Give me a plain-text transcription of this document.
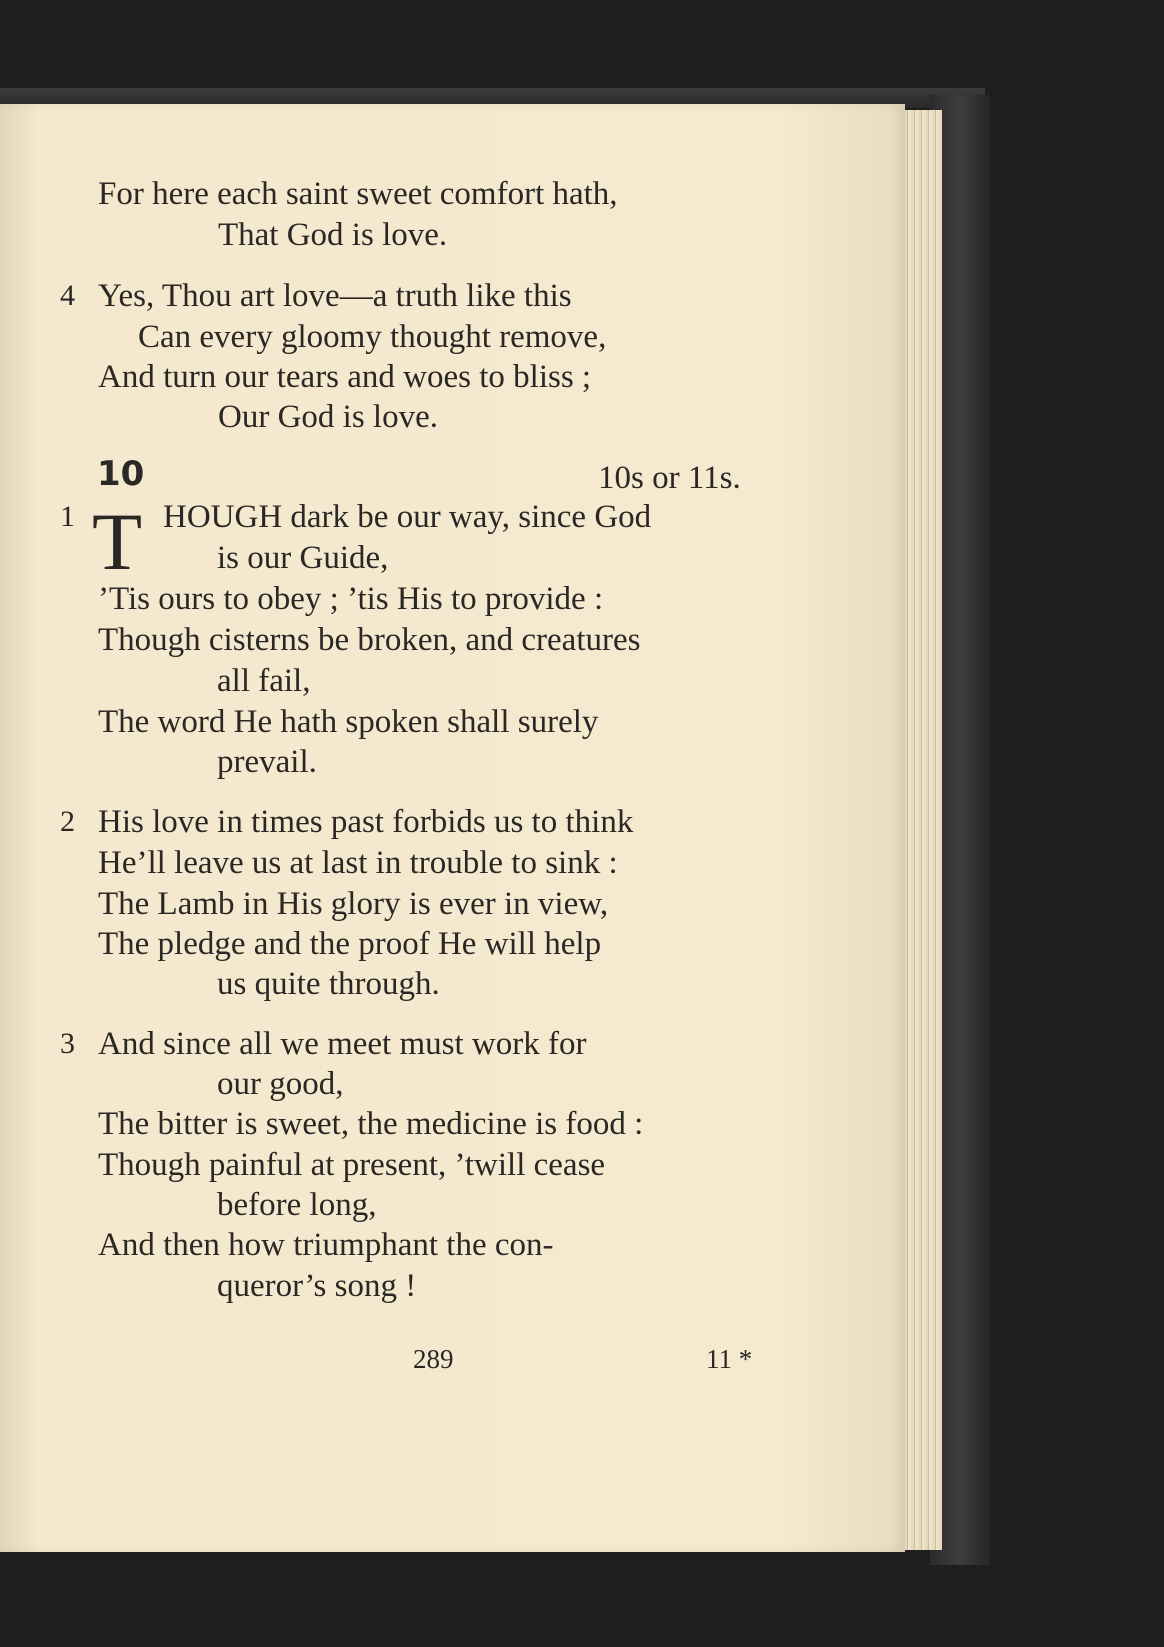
For here each saint sweet comfort hath,
That God is love.
4 Yes, Thou art love—a truth like this
Can every gloomy thought remove,
And turn our tears and woes to bliss ;
Our God is love.
10	10s or 11s.
1 T HOUGH dark be our way, since God
is our Guide,
’Tis ours to obey ; ’tis His to provide :
Though cisterns be broken, and creatures
all fail,
The word He hath spoken shall surely
prevail.
2 His love in times past forbids us to think
He’ll leave us at last in trouble to sink :
The Lamb in His glory is ever in view,
The pledge and the proof He will help
us quite through.
3 And since all we meet must work for
our good,
The bitter is sweet, the medicine is food :
Though painful at present, ’twill cease
before long,
And then how triumphant the con-
queror’s song !
289	11 *
